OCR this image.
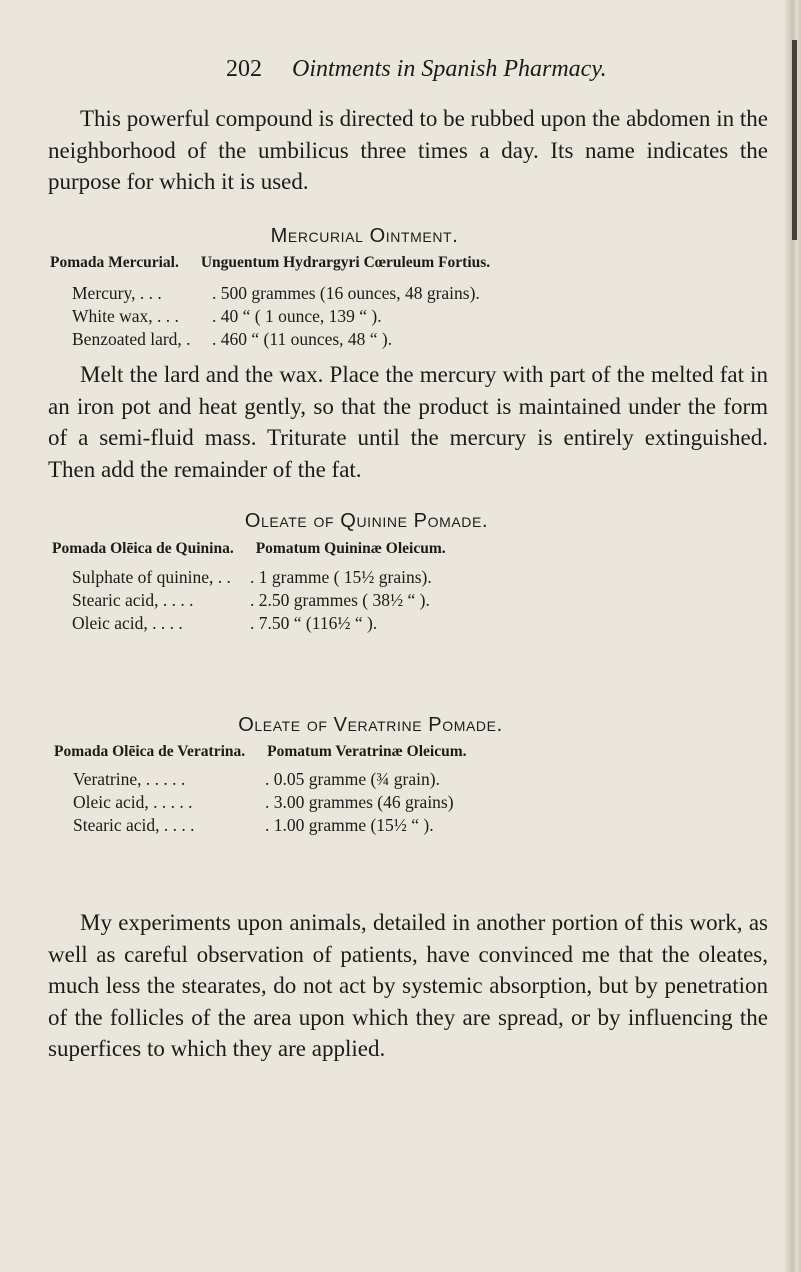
202 Ointments in Spanish Pharmacy.

This powerful compound is directed to be rubbed upon the abdomen in the neighborhood of the umbilicus three times a day. Its name indicates the purpose for which it is used.

Mercurial Ointment.
Pomada Mercurial. Unguentum Hydrargyri Cœruleum Fortius.
Mercury, . . .	. 500 grammes (16 ounces, 48 grains).
White wax, . . . . 40 “ ( 1 ounce, 139 “ ).
Benzoated lard, . . 460 “ (11 ounces, 48 “ ).

Melt the lard and the wax. Place the mercury with part of the melted fat in an iron pot and heat gently, so that the product is maintained under the form of a semi-fluid mass. Triturate until the mercury is entirely extinguished. Then add the remainder of the fat.

Oleate of Quinine Pomade.
Pomada Olēica de Quinina. Pomatum Quininæ Oleicum.
Sulphate of quinine, . . . 1 gramme ( 15½ grains).
Stearic acid, . . . .	. 2.50 grammes ( 38½ “ ).
Oleic acid, . . . .	. 7.50 “ (116½ “ ).
Oleate of Veratrine Pomade.
Pomada Olēica de Veratrina. Pomatum Veratrinæ Oleicum.
Veratrine, . . . . .	. 0.05 gramme (¾ grain).
Oleic acid, . . . . .	. 3.00 grammes (46 grains)
Stearic acid, . . . .	. 1.00 gramme (15½ “ ).

My experiments upon animals, detailed in another portion of this work, as well as careful observation of patients, have convinced me that the oleates, much less the stearates, do not act by systemic absorption, but by penetration of the follicles of the area upon which they are spread, or by influencing the superfices to which they are applied.
